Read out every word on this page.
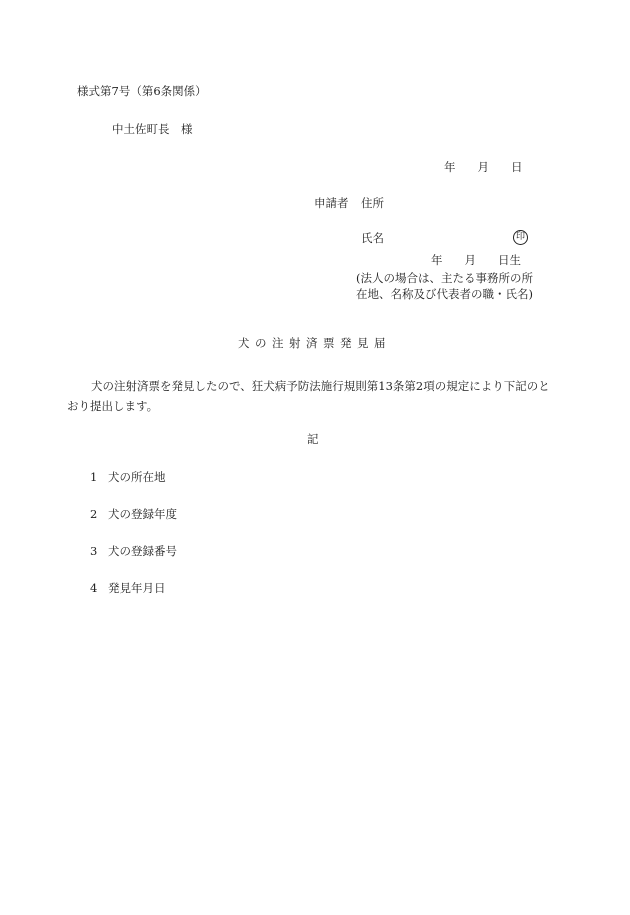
様式第7号（第6条関係）
中土佐町長　様
年 月 日
申請者 住所
氏名	印
年 月 日生
(法人の場合は、主たる事務所の所在地、名称及び代表者の職・氏名)
犬の注射済票発見届
犬の注射済票を発見したので、狂犬病予防法施行規則第13条第2項の規定により下記のとおり提出します。
記
1 犬の所在地
2 犬の登録年度
3 犬の登録番号
4 発見年月日
